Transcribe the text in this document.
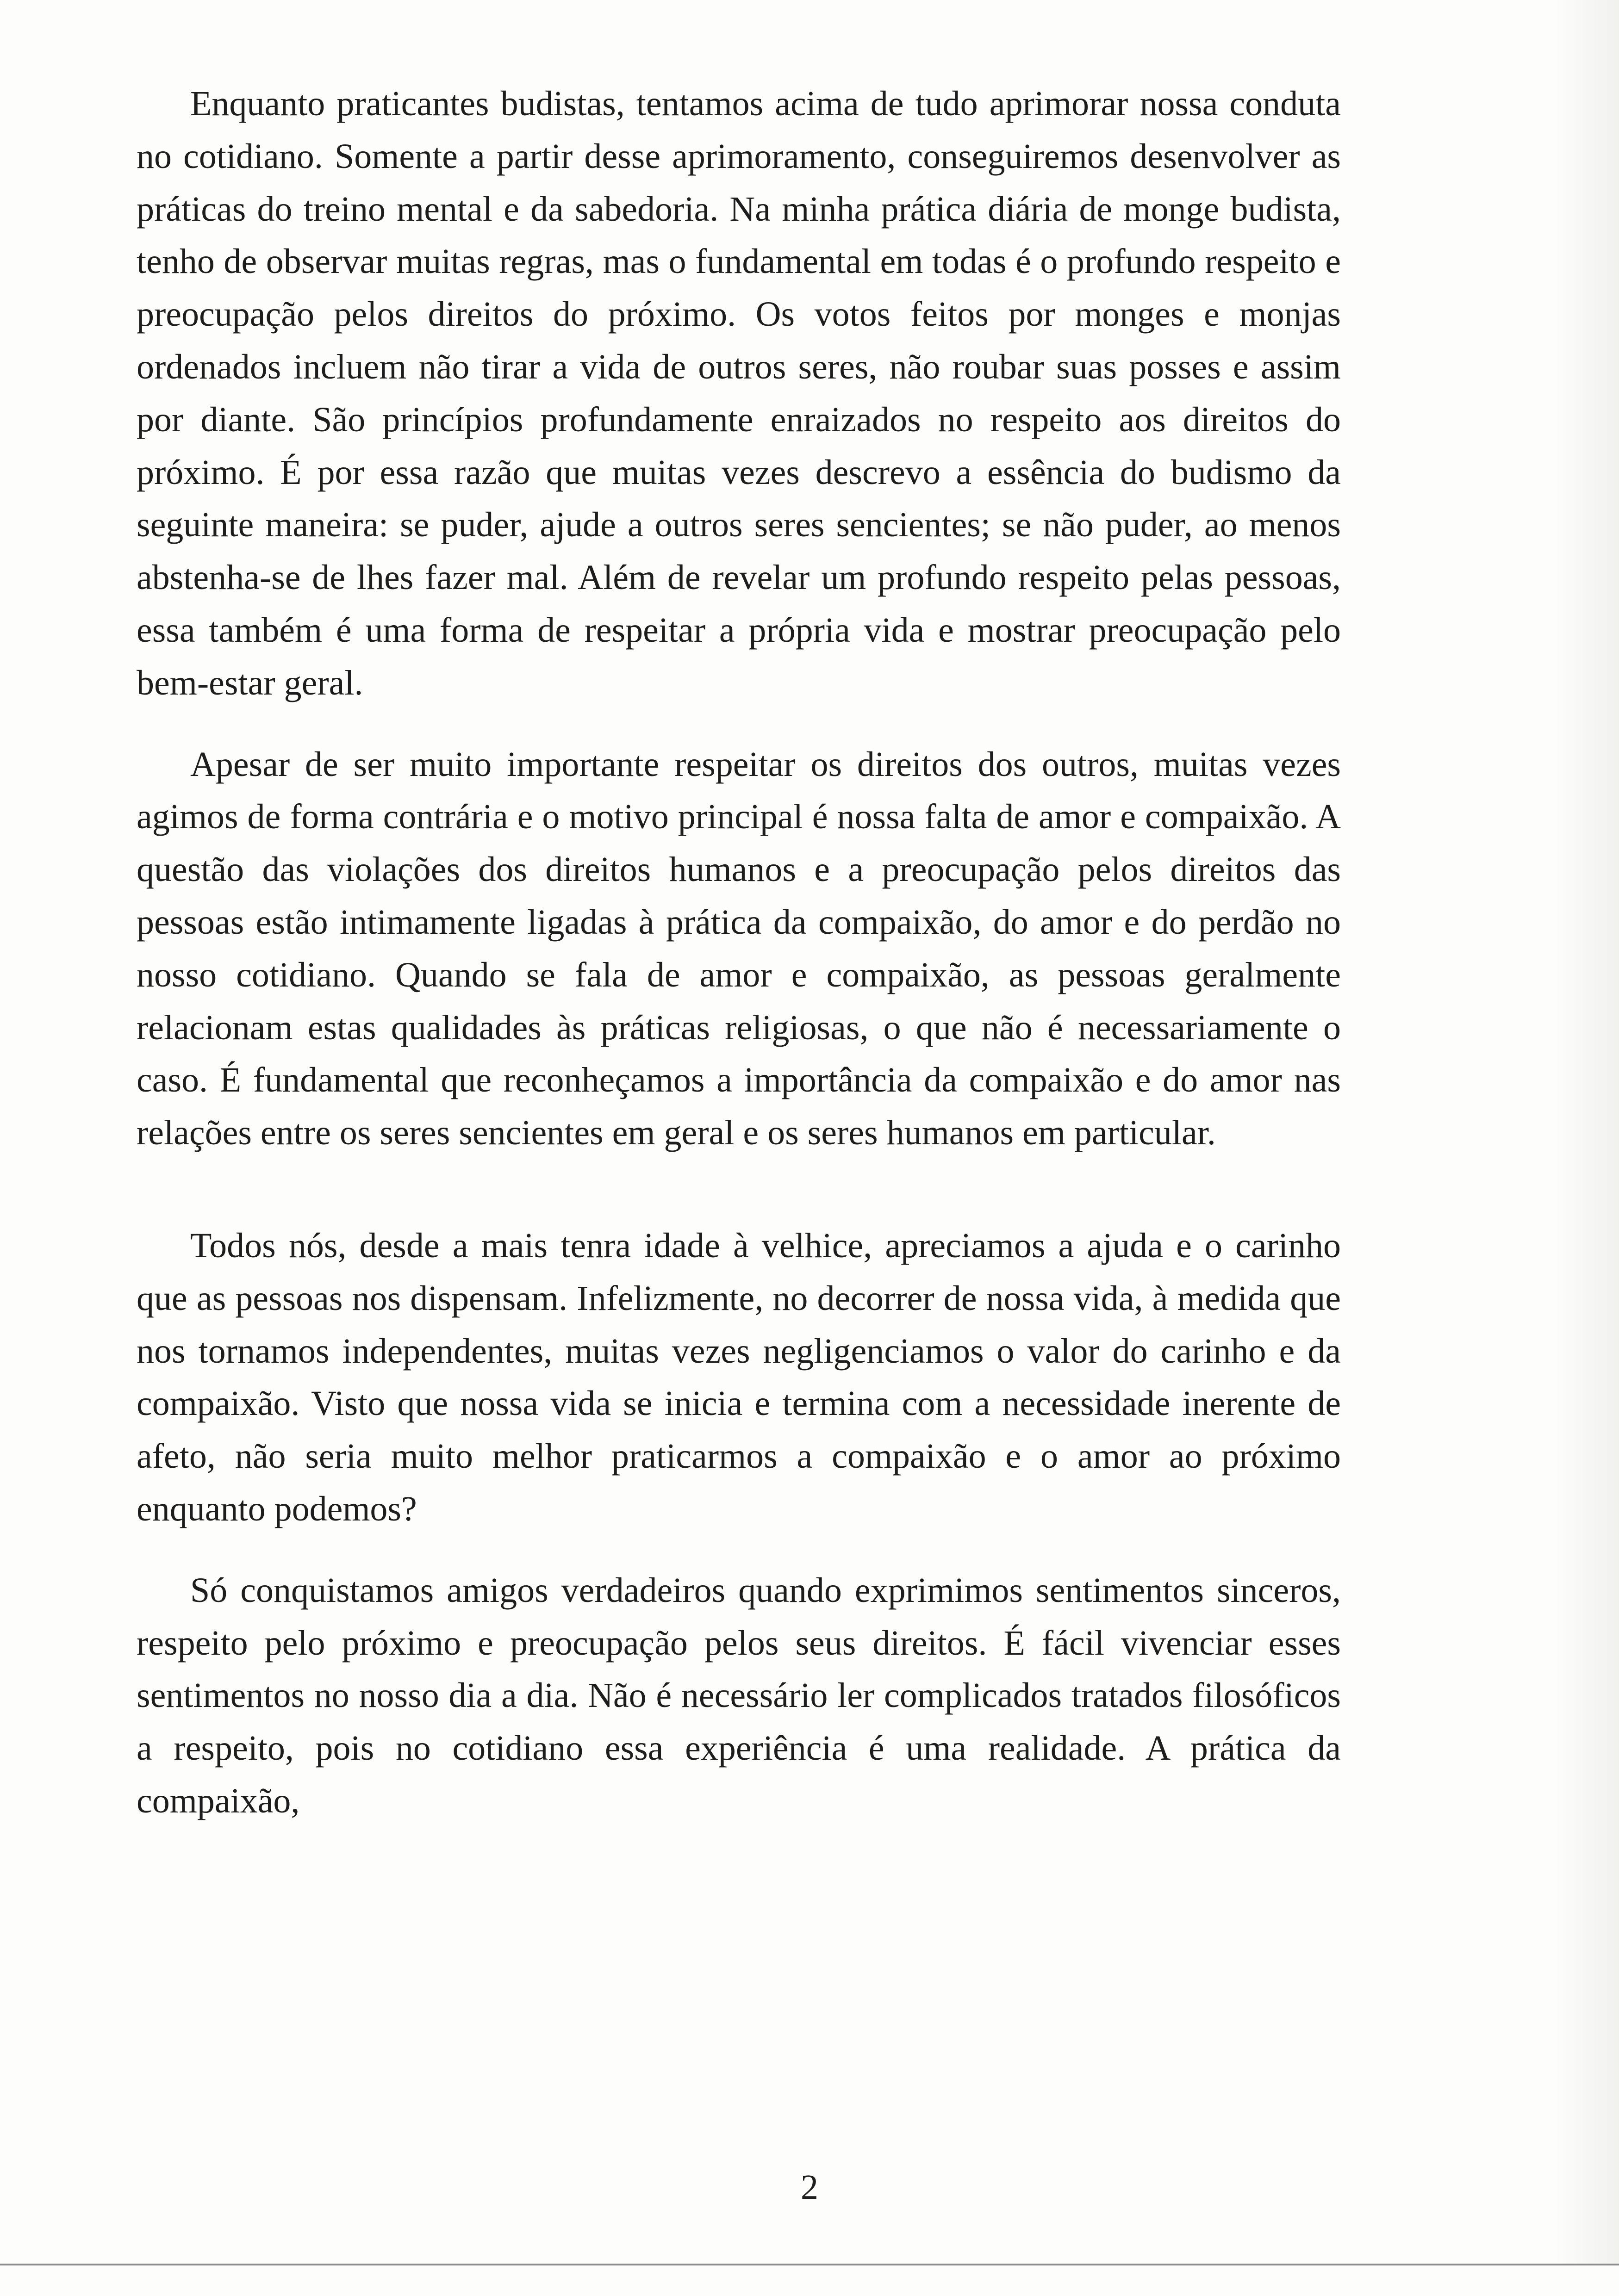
Enquanto praticantes budistas, tentamos acima de tudo aprimorar nossa conduta no cotidiano. Somente a partir desse aprimoramento, conseguiremos desenvolver as práticas do treino mental e da sabedoria. Na minha prática diária de monge budista, tenho de observar muitas regras, mas o fundamental em todas é o profundo respeito e preocupação pelos direitos do próximo. Os votos feitos por monges e monjas ordenados incluem não tirar a vida de outros seres, não roubar suas posses e assim por diante. São princípios profundamente enraizados no respeito aos direitos do próximo. É por essa razão que muitas vezes descrevo a essência do budismo da seguinte maneira: se puder, ajude a outros seres sencientes; se não puder, ao menos abstenha-se de lhes fazer mal. Além de revelar um profundo respeito pelas pessoas, essa também é uma forma de respeitar a própria vida e mostrar preocupação pelo bem-estar geral.

Apesar de ser muito importante respeitar os direitos dos outros, muitas vezes agimos de forma contrária e o motivo principal é nossa falta de amor e compaixão. A questão das violações dos direitos humanos e a preocupação pelos direitos das pessoas estão intimamente ligadas à prática da compaixão, do amor e do perdão no nosso cotidiano. Quando se fala de amor e compaixão, as pessoas geralmente relacionam estas qualidades às práticas religiosas, o que não é necessariamente o caso. É fundamental que reconheçamos a importância da compaixão e do amor nas relações entre os seres sencientes em geral e os seres humanos em particular.

Todos nós, desde a mais tenra idade à velhice, apreciamos a ajuda e o carinho que as pessoas nos dispensam. Infelizmente, no decorrer de nossa vida, à medida que nos tornamos independentes, muitas vezes negligenciamos o valor do carinho e da compaixão. Visto que nossa vida se inicia e termina com a necessidade inerente de afeto, não seria muito melhor praticarmos a compaixão e o amor ao próximo enquanto podemos?

Só conquistamos amigos verdadeiros quando exprimimos sentimentos sinceros, respeito pelo próximo e preocupação pelos seus direitos. É fácil vivenciar esses sentimentos no nosso dia a dia. Não é necessário ler complicados tratados filosóficos a respeito, pois no cotidiano essa experiência é uma realidade. A prática da compaixão,

2
